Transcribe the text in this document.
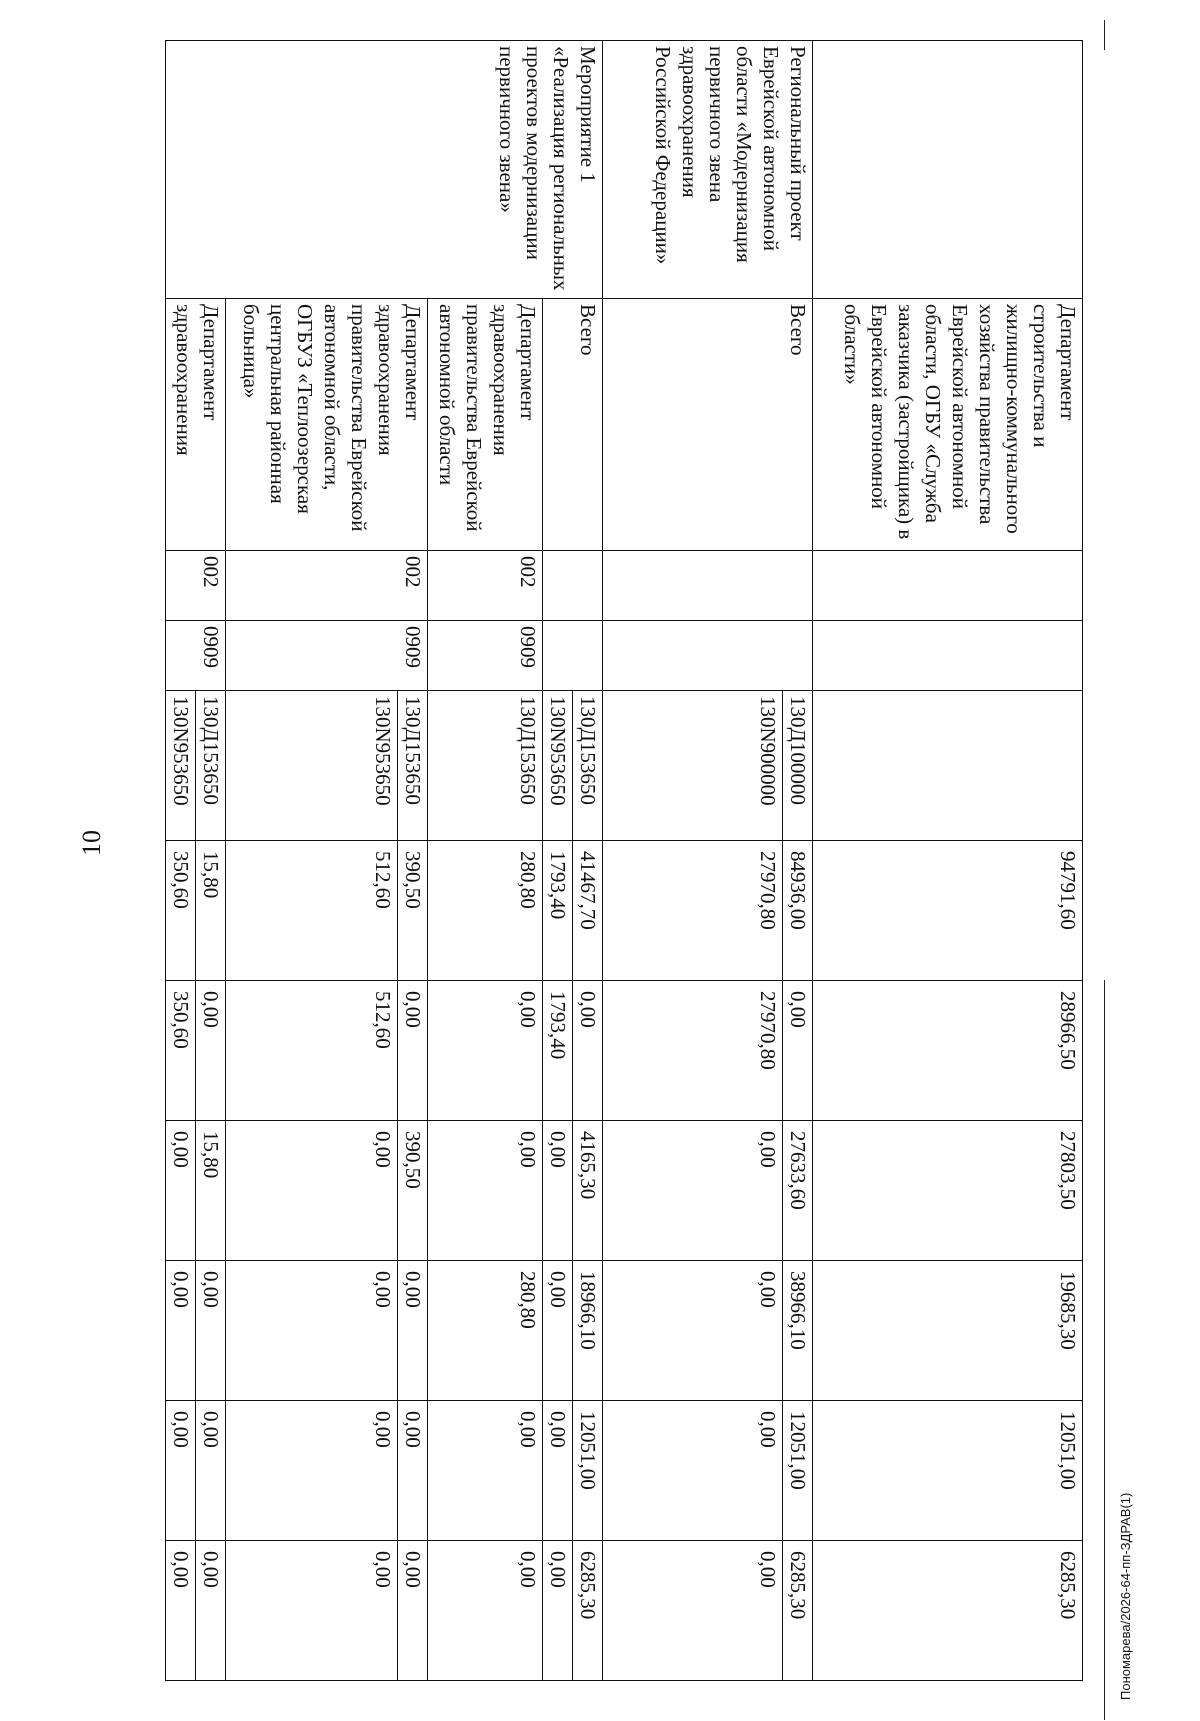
10
	Департамент строительства и жилищно-коммунального хозяйства правительства Еврейской автономной области, ОГБУ «Служба заказчика (застройщика) в Еврейской автономной области»				94791,60	28966,50	27803,50	19685,30	12051,00	6285,30
Региональный проект Еврейской автономной области «Модернизация первичного звена здравоохранения Российской Федерации»	Всего			130Д100000	84936,00	0,00	27633,60	38966,10	12051,00	6285,30
				130N900000	27970,80	27970,80	0,00	0,00	0,00	0,00
Мероприятие 1 «Реализация региональных проектов модернизации первичного звена»	Всего			130Д153650	41467,70	0,00	4165,30	18966,10	12051,00	6285,30
				130N953650	1793,40	1793,40	0,00	0,00	0,00	0,00
	Департамент здравоохранения правительства Еврейской автономной области	002	0909	130Д153650	280,80	0,00	0,00	280,80	0,00	0,00
	Департамент здравоохранения правительства Еврейской автономной области, ОГБУЗ «Теплоозерская центральная районная больница»	002	0909	130Д153650	390,50	0,00	390,50	0,00	0,00	0,00
				130N953650	512,60	512,60	0,00	0,00	0,00	0,00
	Департамент здравоохранения	002	0909	130Д153650	15,80	0,00	15,80	0,00	0,00	0,00
				130N953650	350,60	350,60	0,00	0,00	0,00	0,00	Пономарева/2026-64-пп-ЗДРАВ(1)
